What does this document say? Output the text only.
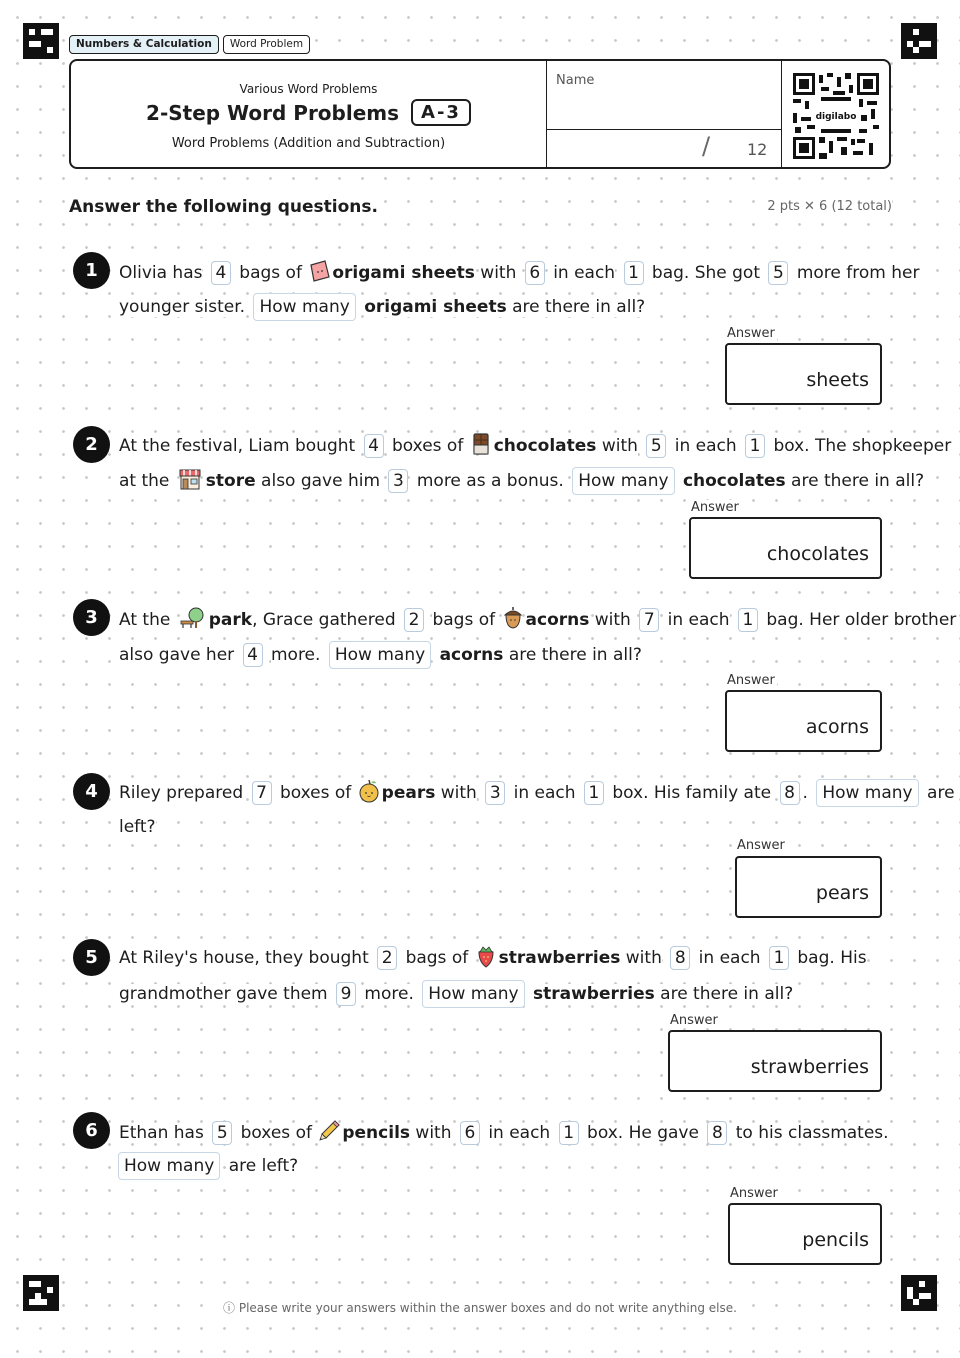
Numbers & Calculation	Word Problem
Various Word Problems
2-Step Word Problems	A-3
Word Problems (Addition and Subtraction)
Name
/ 12
digilabo
Answer the following questions.	2 pts ✕ 6 (12 total)
1	Olivia has 4 bags of origami sheets with 6 in each 1 bag. She got 5 more from her
younger sister. How many origami sheets are there in all?
Answer
sheets
2	At the festival, Liam bought 4 boxes of chocolates with 5 in each 1 box. The shopkeeper
at the store also gave him 3 more as a bonus. How many chocolates are there in all?
Answer
chocolates
3	At the park, Grace gathered 2 bags of acorns with 7 in each 1 bag. Her older brother
also gave her 4 more. How many acorns are there in all?
Answer
acorns
4	Riley prepared 7 boxes of pears with 3 in each 1 box. His family ate 8 . How many are
left?
Answer
pears
5	At Riley's house, they bought 2 bags of strawberries with 8 in each 1 bag. His
grandmother gave them 9 more. How many strawberries are there in all?
Answer
strawberries
6	Ethan has 5 boxes of pencils with 6 in each 1 box. He gave 8 to his classmates.
How many are left?
Answer
pencils
ⓘ Please write your answers within the answer boxes and do not write anything else.
